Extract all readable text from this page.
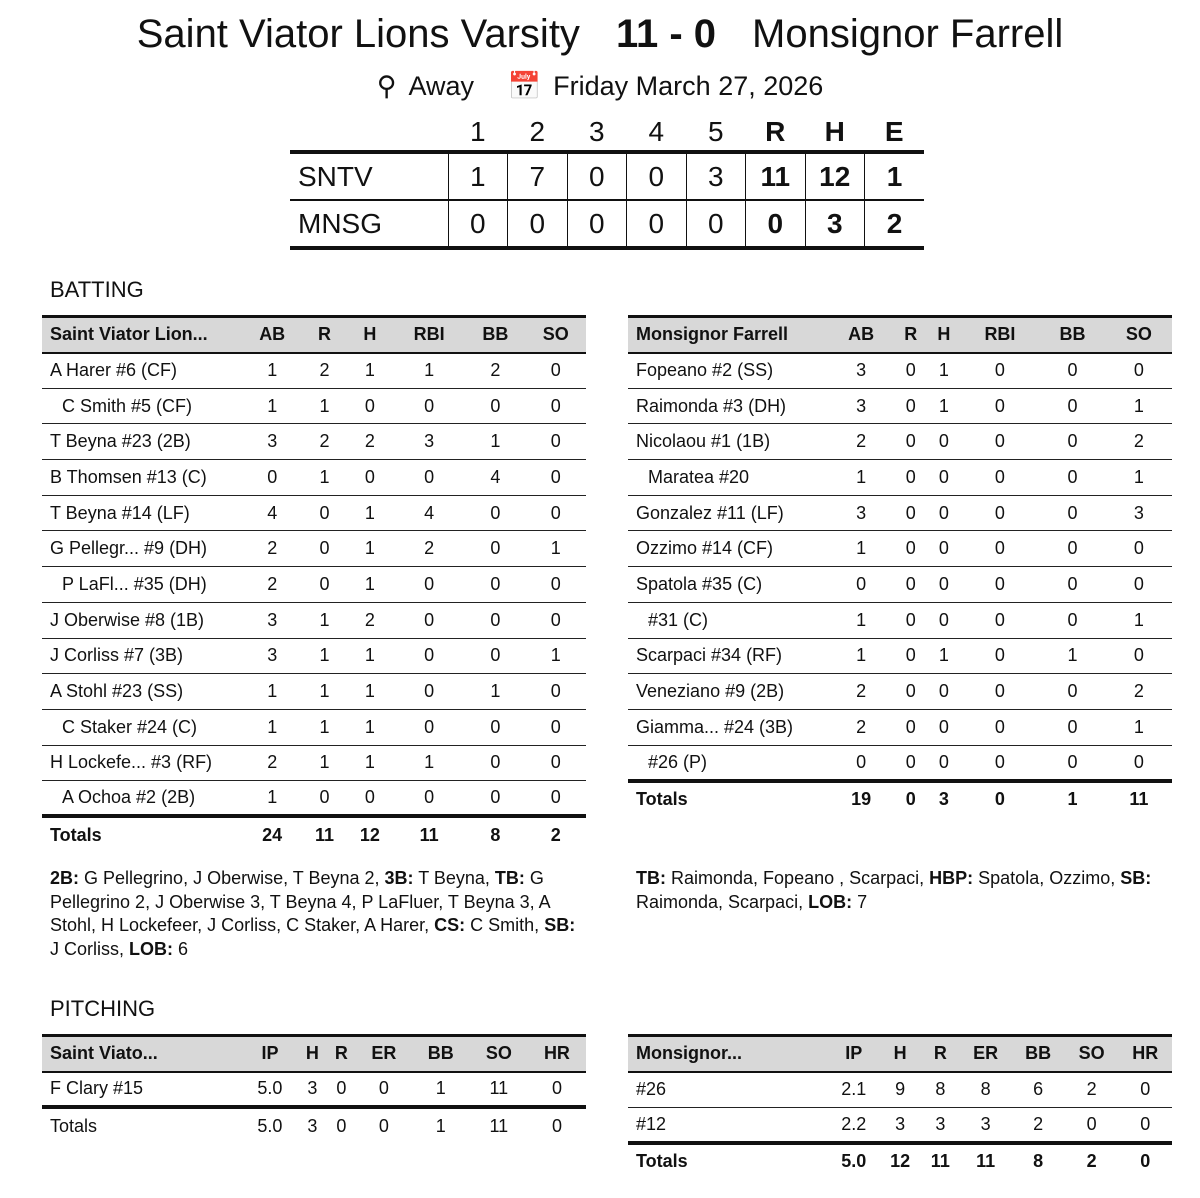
Saint Viator Lions Varsity 11 - 0 Monsignor Farrell
⚲ Away 📅 Friday March 27, 2026
	1	2	3	4	5	R	H	E
SNTV	1	7	0	0	3	11	12	1
MNSG	0	0	0	0	0	0	3	2
BATTING
Saint Viator Lion...	AB	R	H	RBI	BB	SO
A Harer #6 (CF)	1	2	1	1	2	0
C Smith #5 (CF)	1	1	0	0	0	0
T Beyna #23 (2B)	3	2	2	3	1	0
B Thomsen #13 (C)	0	1	0	0	4	0
T Beyna #14 (LF)	4	0	1	4	0	0
G Pellegr... #9 (DH)	2	0	1	2	0	1
P LaFl... #35 (DH)	2	0	1	0	0	0
J Oberwise #8 (1B)	3	1	2	0	0	0
J Corliss #7 (3B)	3	1	1	0	0	1
A Stohl #23 (SS)	1	1	1	0	1	0
C Staker #24 (C)	1	1	1	0	0	0
H Lockefe... #3 (RF)	2	1	1	1	0	0
A Ochoa #2 (2B)	1	0	0	0	0	0
Totals	24	11	12	11	8	2
Monsignor Farrell	AB	R	H	RBI	BB	SO
Fopeano #2 (SS)	3	0	1	0	0	0
Raimonda #3 (DH)	3	0	1	0	0	1
Nicolaou #1 (1B)	2	0	0	0	0	2
Maratea #20	1	0	0	0	0	1
Gonzalez #11 (LF)	3	0	0	0	0	3
Ozzimo #14 (CF)	1	0	0	0	0	0
Spatola #35 (C)	0	0	0	0	0	0
#31 (C)	1	0	0	0	0	1
Scarpaci #34 (RF)	1	0	1	0	1	0
Veneziano #9 (2B)	2	0	0	0	0	2
Giamma... #24 (3B)	2	0	0	0	0	1
#26 (P)	0	0	0	0	0	0
Totals	19	0	3	0	1	11
2B: G Pellegrino, J Oberwise, T Beyna 2, 3B: T Beyna, TB: G Pellegrino 2, J Oberwise 3, T Beyna 4, P LaFluer, T Beyna 3, A Stohl, H Lockefeer, J Corliss, C Staker, A Harer, CS: C Smith, SB: J Corliss, LOB: 6
TB: Raimonda, Fopeano , Scarpaci, HBP: Spatola, Ozzimo, SB: Raimonda, Scarpaci, LOB: 7
PITCHING
Saint Viato...	IP	H	R	ER	BB	SO	HR
F Clary #15	5.0	3	0	0	1	11	0
Totals	5.0	3	0	0	1	11	0
Monsignor...	IP	H	R	ER	BB	SO	HR
#26	2.1	9	8	8	6	2	0
#12	2.2	3	3	3	2	0	0
Totals	5.0	12	11	11	8	2	0
